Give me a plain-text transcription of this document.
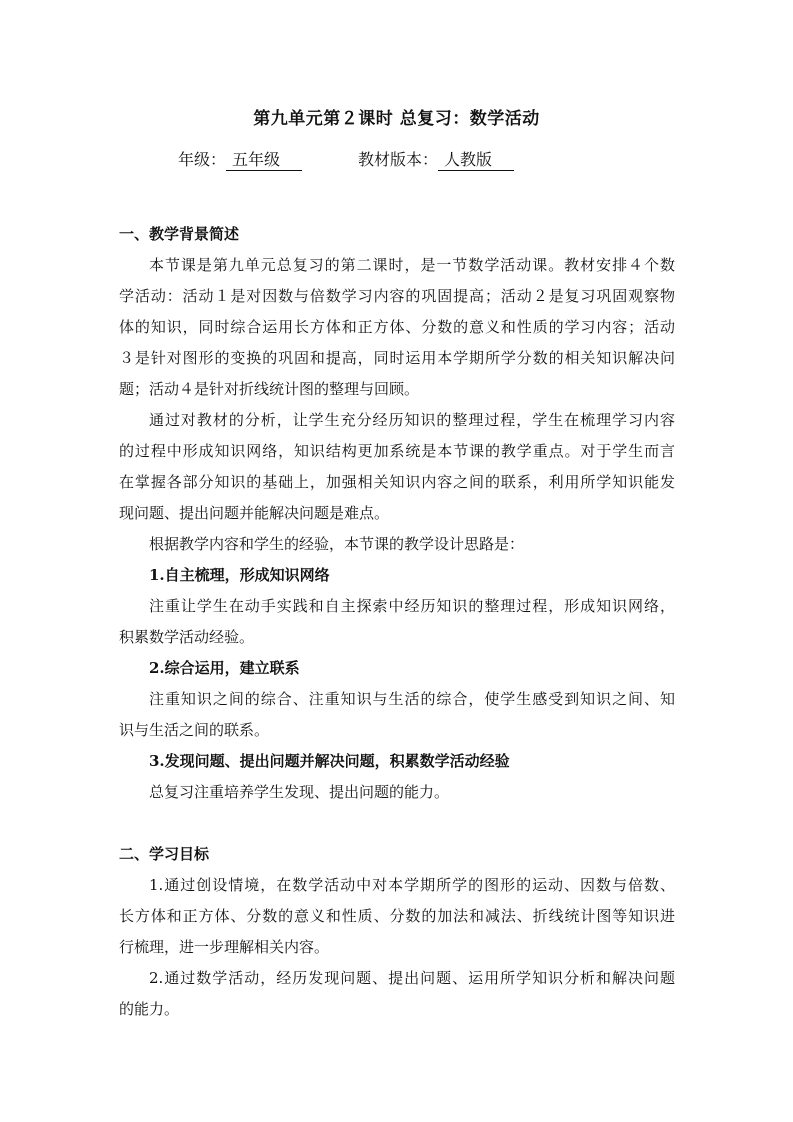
第九单元第２课时 总复习：数学活动
年级： 五年级	教材版本： 人教版
一、教学背景简述
本节课是第九单元总复习的第二课时，是一节数学活动课。教材安排４个数
学活动：活动１是对因数与倍数学习内容的巩固提高；活动２是复习巩固观察物
体的知识，同时综合运用长方体和正方体、分数的意义和性质的学习内容；活动
３是针对图形的变换的巩固和提高，同时运用本学期所学分数的相关知识解决问
题；活动４是针对折线统计图的整理与回顾。
通过对教材的分析，让学生充分经历知识的整理过程，学生在梳理学习内容
的过程中形成知识网络，知识结构更加系统是本节课的教学重点。对于学生而言
在掌握各部分知识的基础上，加强相关知识内容之间的联系，利用所学知识能发
现问题、提出问题并能解决问题是难点。
根据教学内容和学生的经验，本节课的教学设计思路是：
1.自主梳理，形成知识网络
注重让学生在动手实践和自主探索中经历知识的整理过程，形成知识网络，
积累数学活动经验。
2.综合运用，建立联系
注重知识之间的综合、注重知识与生活的综合，使学生感受到知识之间、知
识与生活之间的联系。
3.发现问题、提出问题并解决问题，积累数学活动经验
总复习注重培养学生发现、提出问题的能力。
二、学习目标
1.通过创设情境，在数学活动中对本学期所学的图形的运动、因数与倍数、
长方体和正方体、分数的意义和性质、分数的加法和减法、折线统计图等知识进
行梳理，进一步理解相关内容。
2.通过数学活动，经历发现问题、提出问题、运用所学知识分析和解决问题
的能力。
